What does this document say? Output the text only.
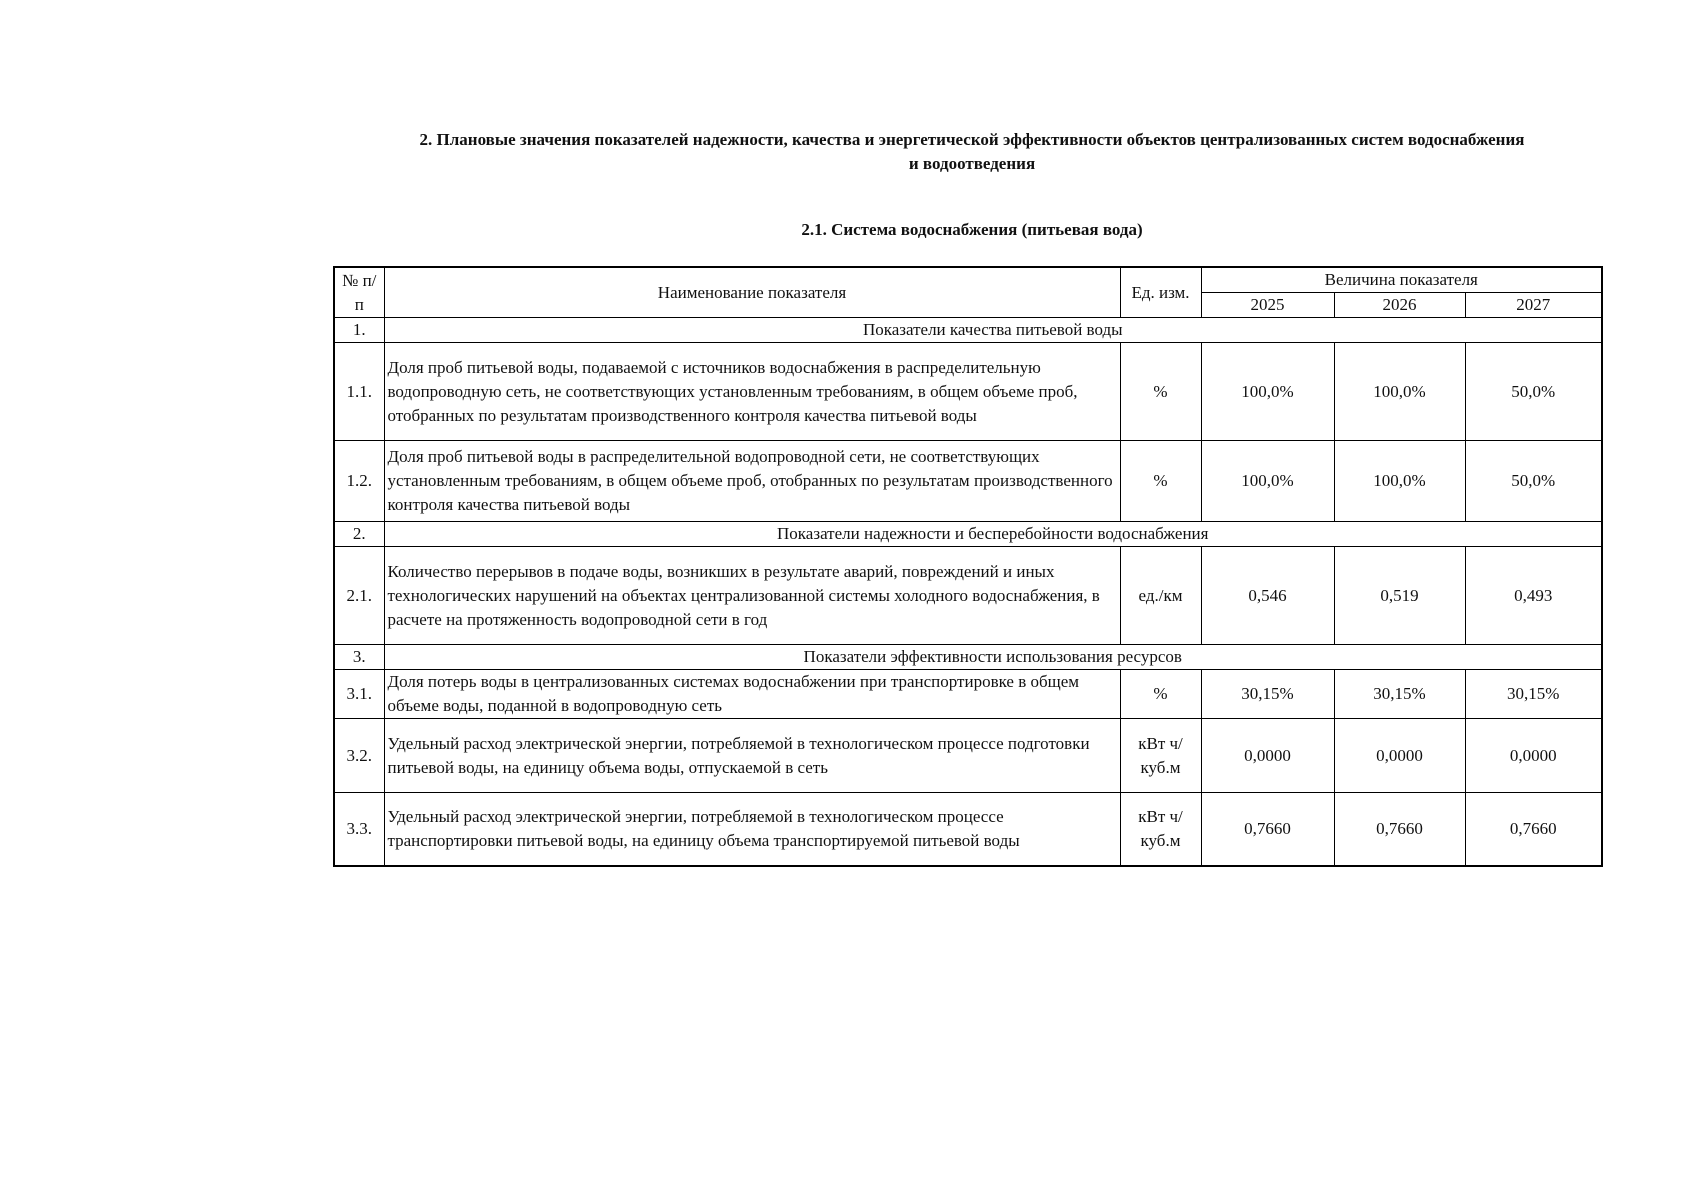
2. Плановые значения показателей надежности, качества и энергетической эффективности объектов централизованных систем водоснабжения
и водоотведения
2.1. Система водоснабжения (питьевая вода)
№ п/п	Наименование показателя	Ед. изм.	Величина показателя		
			2025	2026	2027
1.	Показатели качества питьевой воды				
1.1.	Доля проб питьевой воды, подаваемой с источников водоснабжения в распределительную водопроводную сеть, не соответствующих установленным требованиям, в общем объеме проб, отобранных по результатам производственного контроля качества питьевой воды	%	100,0%	100,0%	50,0%
1.2.	Доля проб питьевой воды в распределительной водопроводной сети, не соответствующих установленным требованиям, в общем объеме проб, отобранных по результатам производственного контроля качества питьевой воды	%	100,0%	100,0%	50,0%
2.	Показатели надежности и бесперебойности водоснабжения				
2.1.	Количество перерывов в подаче воды, возникших в результате аварий, повреждений и иных технологических нарушений на объектах централизованной системы холодного водоснабжения, в расчете на протяженность водопроводной сети в год	ед./км	0,546	0,519	0,493
3.	Показатели эффективности использования ресурсов				
3.1.	Доля потерь воды в централизованных системах водоснабжении при транспортировке в общем объеме воды, поданной в водопроводную сеть	%	30,15%	30,15%	30,15%
3.2.	Удельный расход электрической энергии, потребляемой в технологическом процессе подготовки питьевой воды, на единицу объема воды, отпускаемой в сеть	кВт ч/куб.м	0,0000	0,0000	0,0000
3.3.	Удельный расход электрической энергии, потребляемой в технологическом процессе транспортировки питьевой воды, на единицу объема транспортируемой питьевой воды	кВт ч/куб.м	0,7660	0,7660	0,7660
